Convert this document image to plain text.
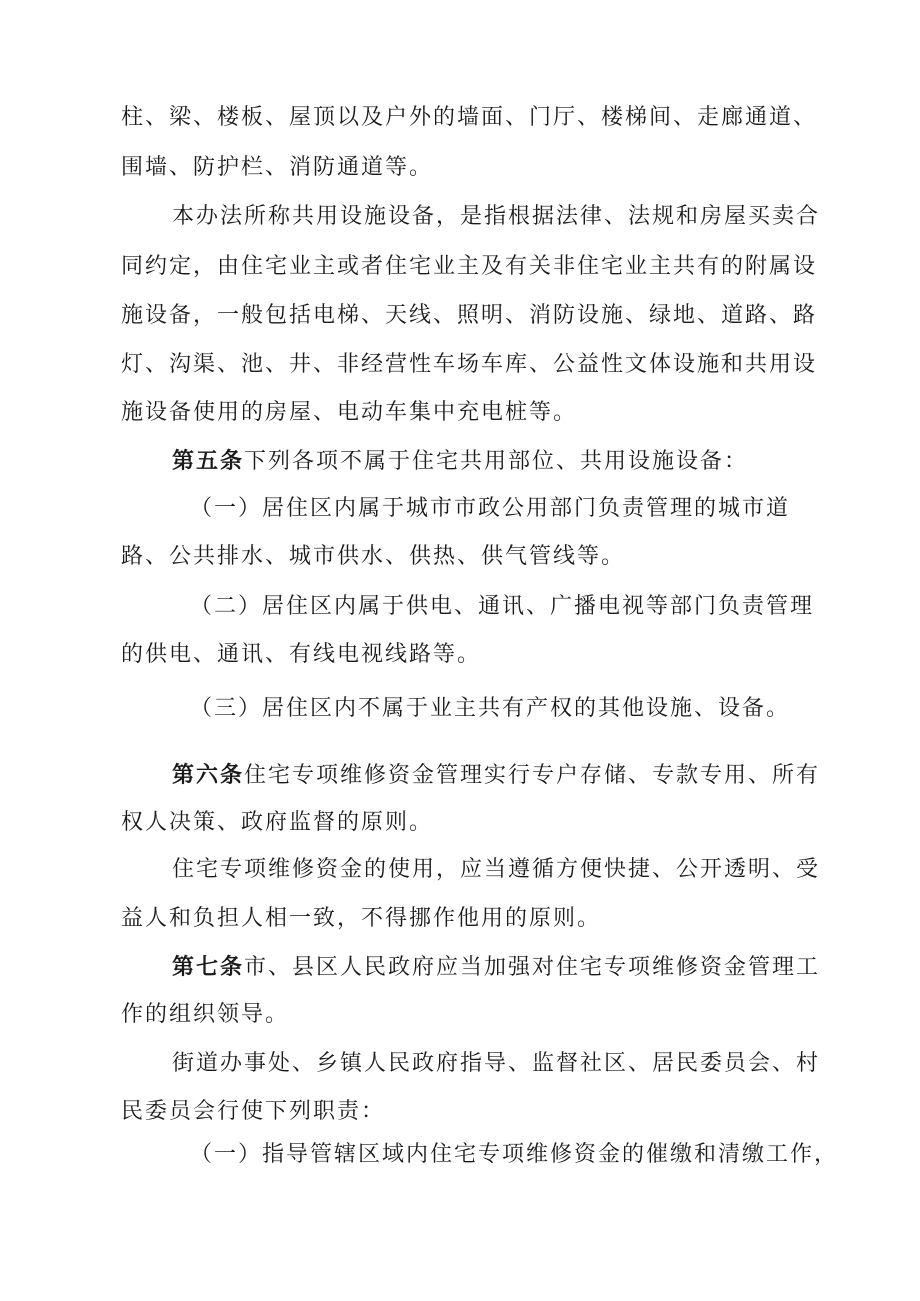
柱、梁、楼板、屋顶以及户外的墙面、门厅、楼梯间、走廊通道、
围墙、防护栏、消防通道等。
本办法所称共用设施设备，是指根据法律、法规和房屋买卖合
同约定，由住宅业主或者住宅业主及有关非住宅业主共有的附属设
施设备，一般包括电梯、天线、照明、消防设施、绿地、道路、路
灯、沟渠、池、井、非经营性车场车库、公益性文体设施和共用设
施设备使用的房屋、电动车集中充电桩等。
第五条下列各项不属于住宅共用部位、共用设施设备：
（一）居住区内属于城市市政公用部门负责管理的城市道
路、公共排水、城市供水、供热、供气管线等。
（二）居住区内属于供电、通讯、广播电视等部门负责管理
的供电、通讯、有线电视线路等。
（三）居住区内不属于业主共有产权的其他设施、设备。
第六条住宅专项维修资金管理实行专户存储、专款专用、所有
权人决策、政府监督的原则。
住宅专项维修资金的使用，应当遵循方便快捷、公开透明、受
益人和负担人相一致，不得挪作他用的原则。
第七条市、县区人民政府应当加强对住宅专项维修资金管理工
作的组织领导。
街道办事处、乡镇人民政府指导、监督社区、居民委员会、村
民委员会行使下列职责：
（一）指导管辖区域内住宅专项维修资金的催缴和清缴工作，
